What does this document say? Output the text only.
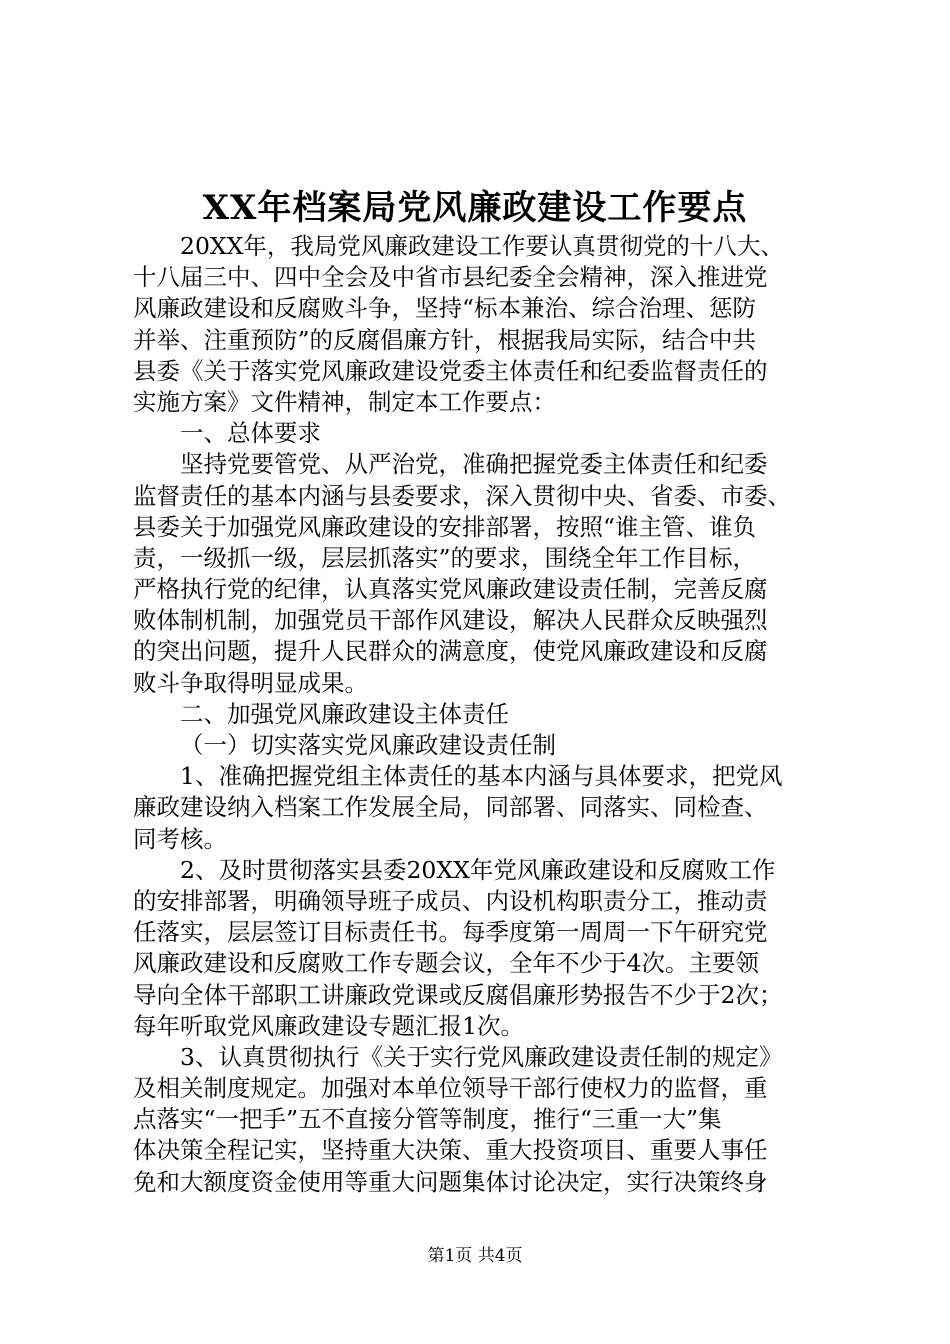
XX年档案局党风廉政建设工作要点
20XX年，我局党风廉政建设工作要认真贯彻党的十八大、
十八届三中、四中全会及中省市县纪委全会精神，深入推进党
风廉政建设和反腐败斗争，坚持“标本兼治、综合治理、惩防
并举、注重预防”的反腐倡廉方针，根据我局实际，结合中共
县委《关于落实党风廉政建设党委主体责任和纪委监督责任的
实施方案》文件精神，制定本工作要点：
一、总体要求
坚持党要管党、从严治党，准确把握党委主体责任和纪委
监督责任的基本内涵与县委要求，深入贯彻中央、省委、市委、
县委关于加强党风廉政建设的安排部署，按照“谁主管、谁负
责，一级抓一级，层层抓落实”的要求，围绕全年工作目标，
严格执行党的纪律，认真落实党风廉政建设责任制，完善反腐
败体制机制，加强党员干部作风建设，解决人民群众反映强烈
的突出问题，提升人民群众的满意度，使党风廉政建设和反腐
败斗争取得明显成果。
二、加强党风廉政建设主体责任
（一）切实落实党风廉政建设责任制
1、准确把握党组主体责任的基本内涵与具体要求，把党风
廉政建设纳入档案工作发展全局，同部署、同落实、同检查、
同考核。
2、及时贯彻落实县委20XX年党风廉政建设和反腐败工作
的安排部署，明确领导班子成员、内设机构职责分工，推动责
任落实，层层签订目标责任书。每季度第一周周一下午研究党
风廉政建设和反腐败工作专题会议，全年不少于4次。主要领
导向全体干部职工讲廉政党课或反腐倡廉形势报告不少于2次；
每年听取党风廉政建设专题汇报1次。
3、认真贯彻执行《关于实行党风廉政建设责任制的规定》
及相关制度规定。加强对本单位领导干部行使权力的监督，重
点落实“一把手”五不直接分管等制度，推行“三重一大”集
体决策全程记实，坚持重大决策、重大投资项目、重要人事任
免和大额度资金使用等重大问题集体讨论决定，实行决策终身
第1页 共4页
